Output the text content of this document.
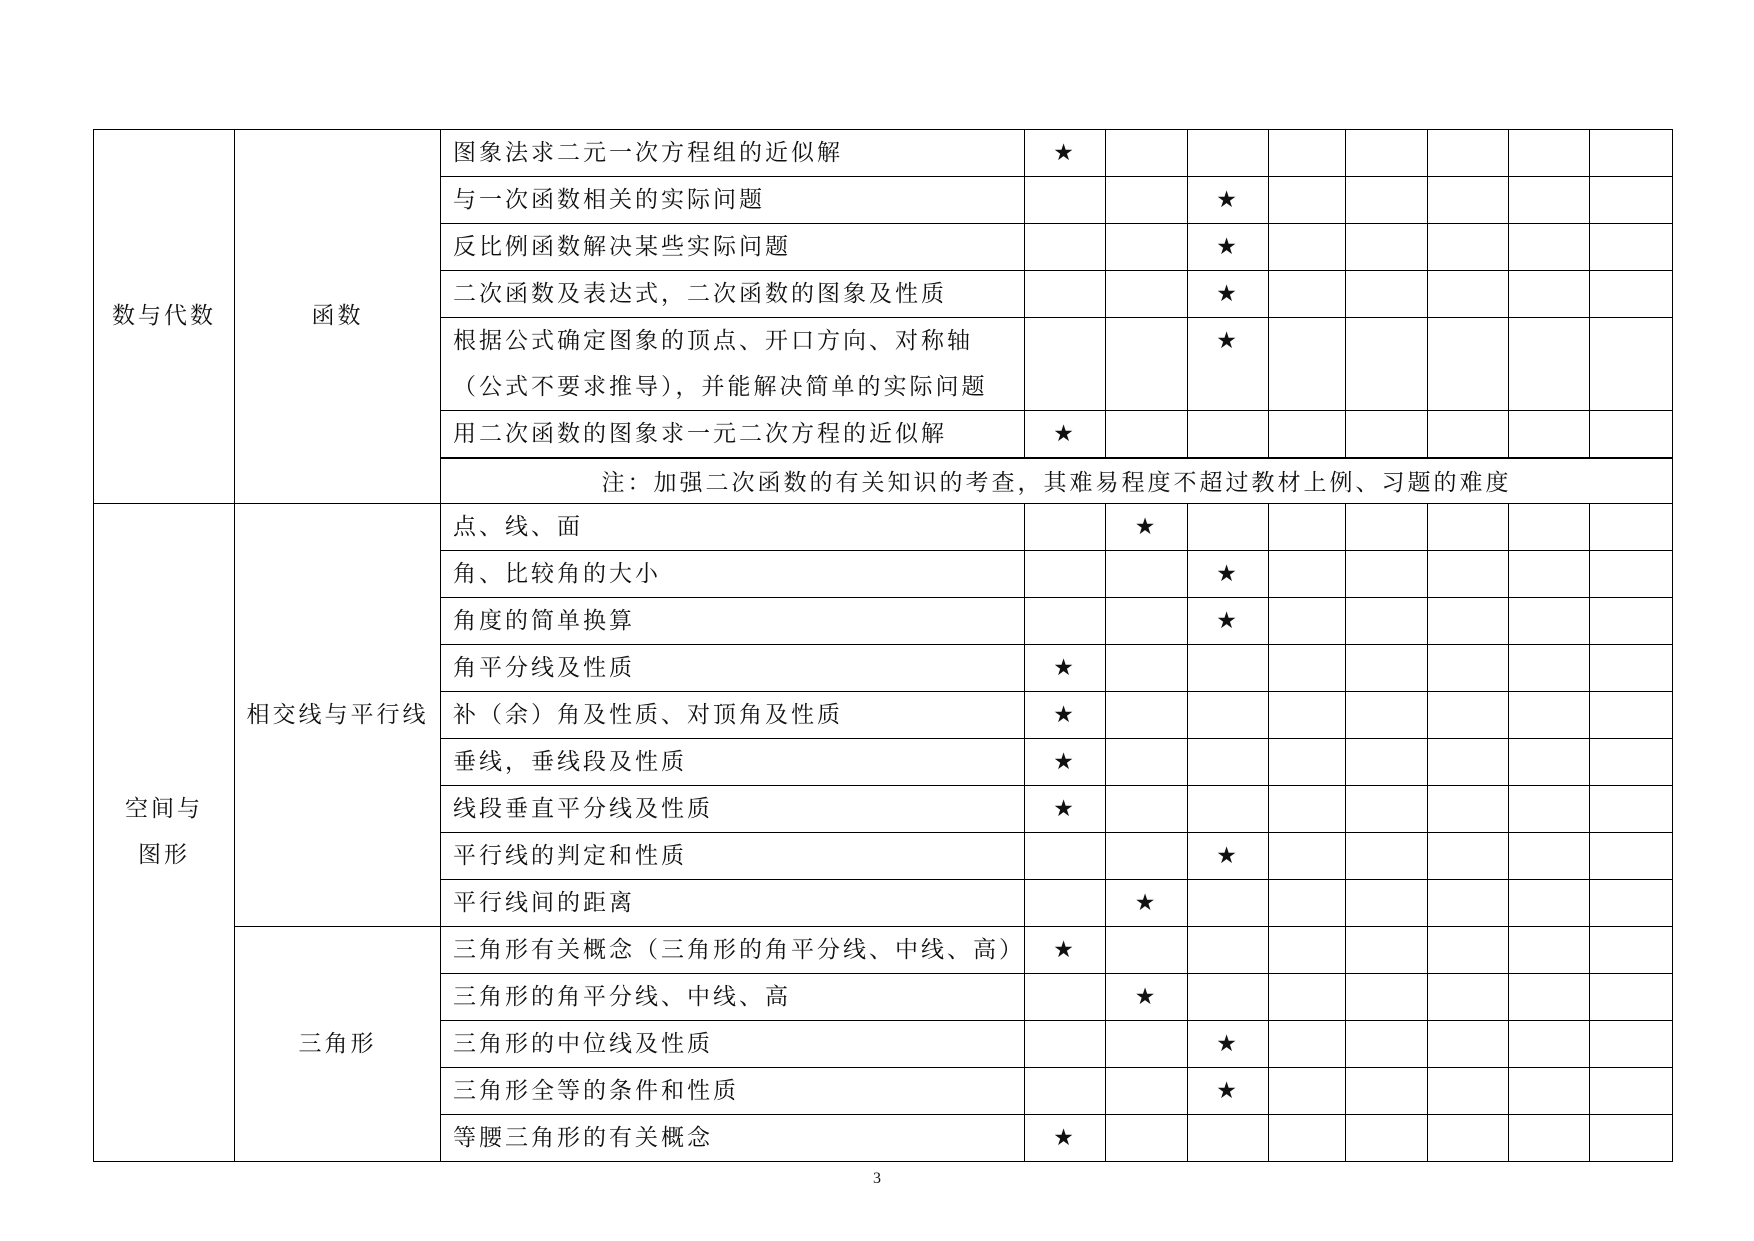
数与代数	函数	图象法求二元一次方程组的近似解	★							
		与一次函数相关的实际问题			★					
		反比例函数解决某些实际问题			★					
		二次函数及表达式，二次函数的图象及性质			★					
		根据公式确定图象的顶点、开口方向、对称轴（公式不要求推导），并能解决简单的实际问题			★					
		用二次函数的图象求一元二次方程的近似解	★							
		注：加强二次函数的有关知识的考查，其难易程度不超过教材上例、习题的难度								

空间与图形	相交线与平行线	点、线、面		★						
		角、比较角的大小			★					
		角度的简单换算			★					
		角平分线及性质	★							
		补（余）角及性质、对顶角及性质	★							
		垂线，垂线段及性质	★							
		线段垂直平分线及性质	★							
		平行线的判定和性质			★					
		平行线间的距离		★						
	三角形	三角形有关概念（三角形的角平分线、中线、高）	★							
		三角形的角平分线、中线、高		★						
		三角形的中位线及性质			★					
		三角形全等的条件和性质			★					
		等腰三角形的有关概念	★							
3
